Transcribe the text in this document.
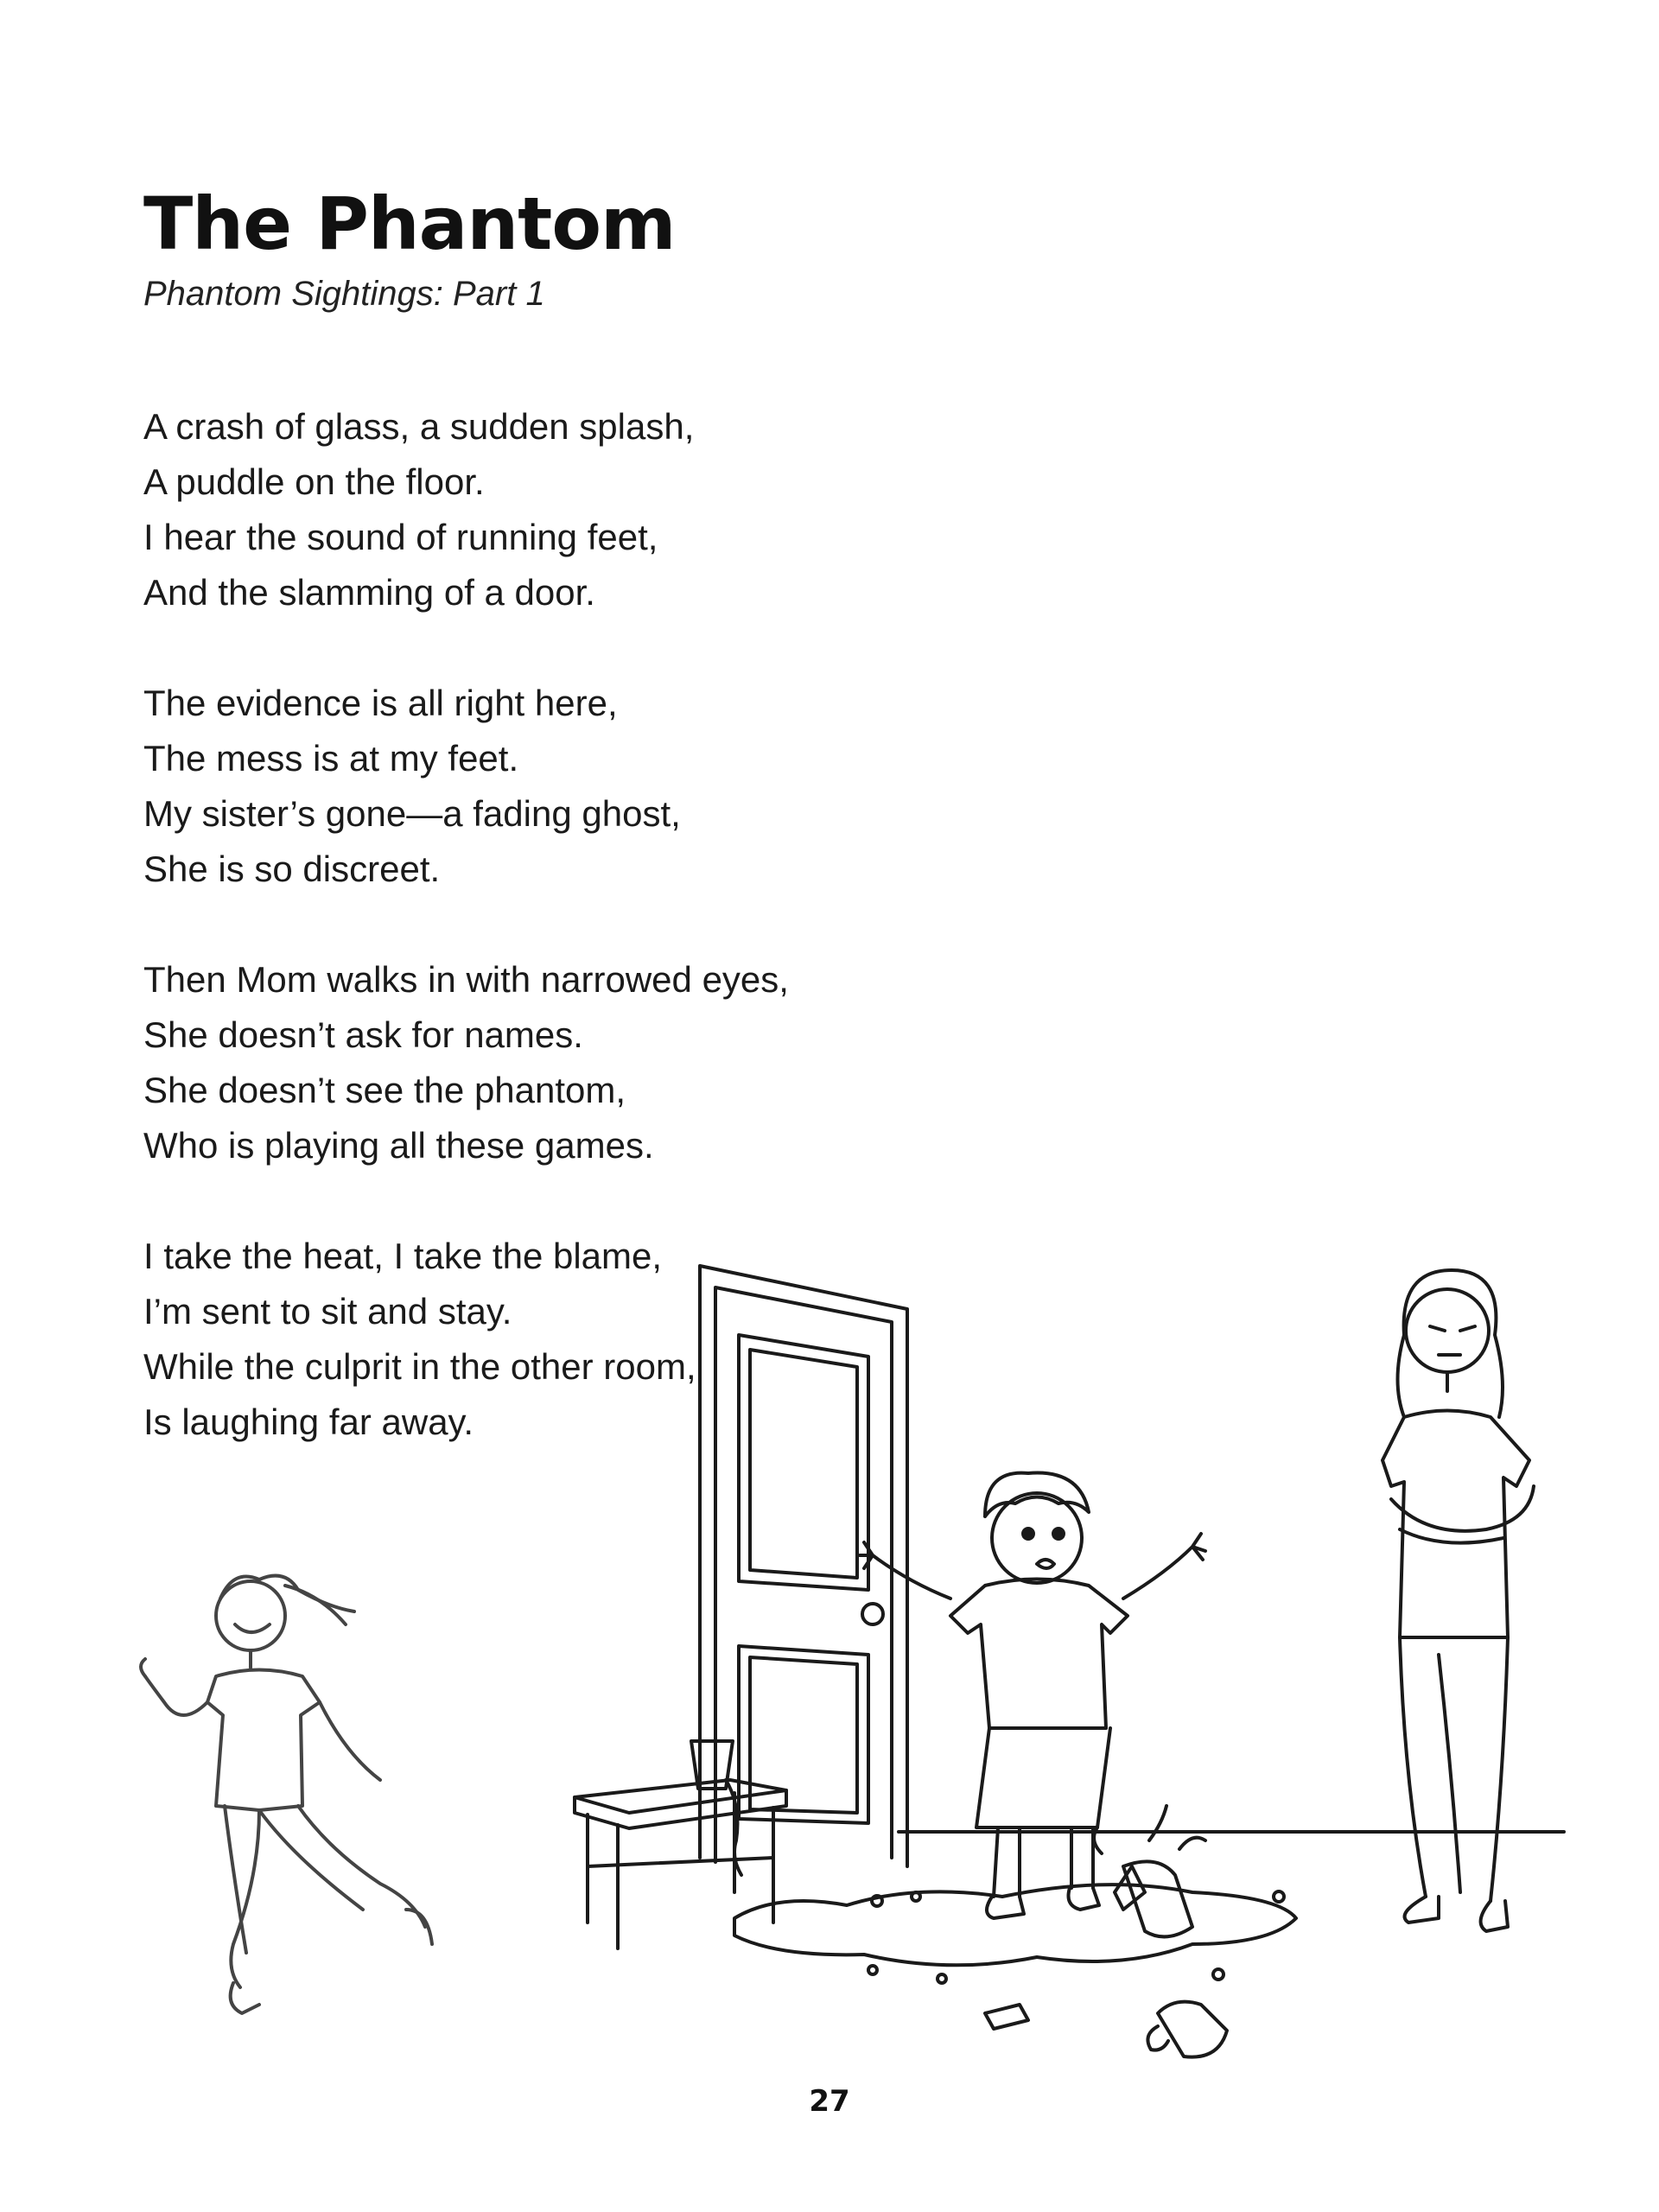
The Phantom

Phantom Sightings: Part 1

A crash of glass, a sudden splash,
A puddle on the floor.
I hear the sound of running feet,
And the slamming of a door.
The evidence is all right here,
The mess is at my feet.
My sister’s gone—a fading ghost,
She is so discreet.
Then Mom walks in with narrowed eyes,
She doesn’t ask for names.
She doesn’t see the phantom,
Who is playing all these games.
I take the heat, I take the blame,
I’m sent to sit and stay.
While the culprit in the other room,
Is laughing far away.
27
